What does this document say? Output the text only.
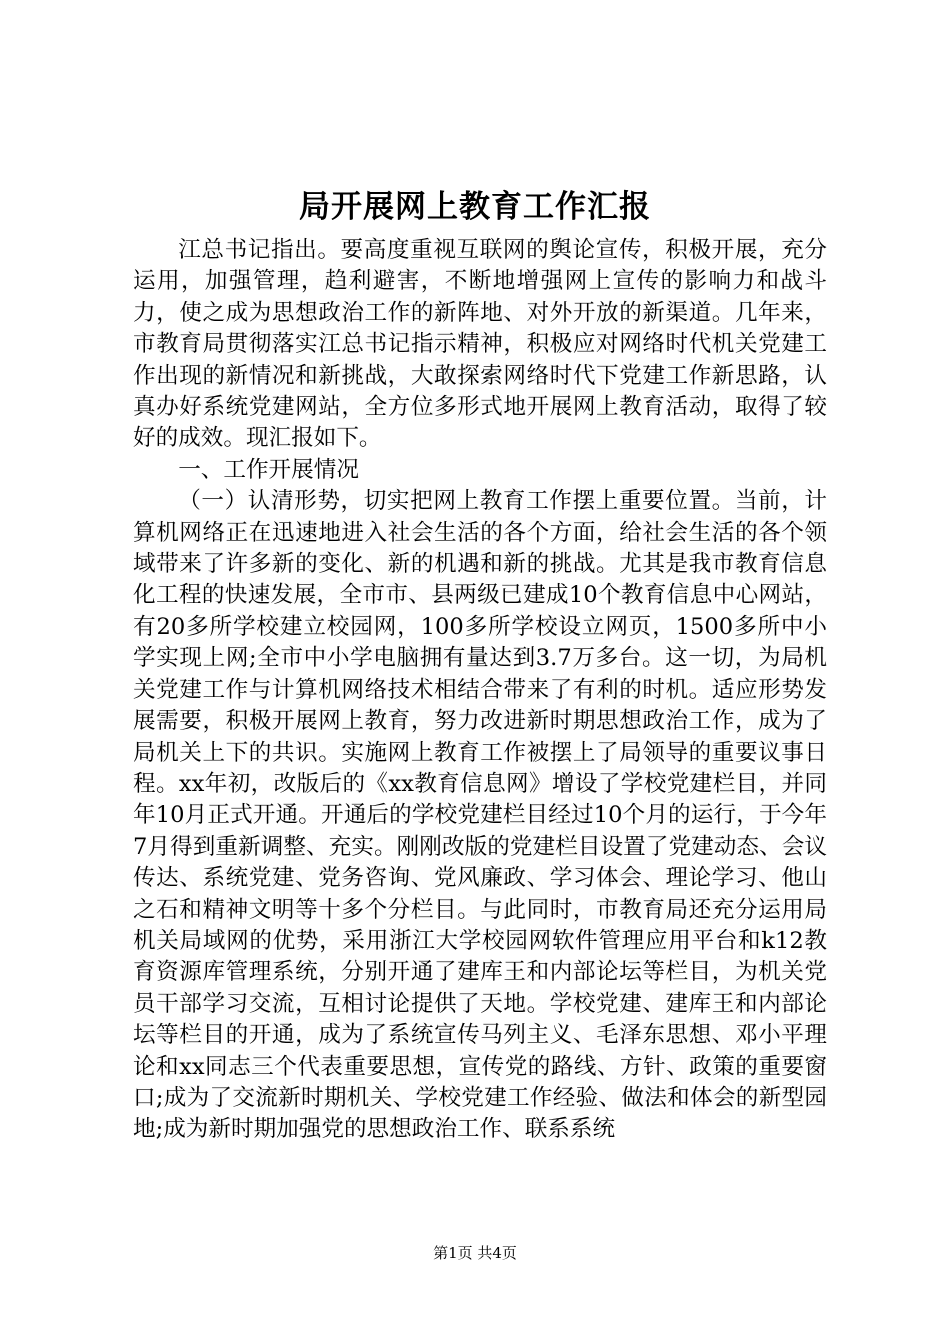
局开展网上教育工作汇报

江总书记指出。要高度重视互联网的舆论宣传，积极开展，充分运用，加强管理，趋利避害，不断地增强网上宣传的影响力和战斗力，使之成为思想政治工作的新阵地、对外开放的新渠道。几年来，市教育局贯彻落实江总书记指示精神，积极应对网络时代机关党建工作出现的新情况和新挑战，大敢探索网络时代下党建工作新思路，认真办好系统党建网站，全方位多形式地开展网上教育活动，取得了较好的成效。现汇报如下。

一、工作开展情况

（一）认清形势，切实把网上教育工作摆上重要位置。当前，计算机网络正在迅速地进入社会生活的各个方面，给社会生活的各个领域带来了许多新的变化、新的机遇和新的挑战。尤其是我市教育信息化工程的快速发展，全市市、县两级已建成10个教育信息中心网站，有20多所学校建立校园网，100多所学校设立网页，1500多所中小学实现上网;全市中小学电脑拥有量达到3.7万多台。这一切，为局机关党建工作与计算机网络技术相结合带来了有利的时机。适应形势发展需要，积极开展网上教育，努力改进新时期思想政治工作，成为了局机关上下的共识。实施网上教育工作被摆上了局领导的重要议事日程。xx年初，改版后的《xx教育信息网》增设了学校党建栏目，并同年10月正式开通。开通后的学校党建栏目经过10个月的运行，于今年7月得到重新调整、充实。刚刚改版的党建栏目设置了党建动态、会议传达、系统党建、党务咨询、党风廉政、学习体会、理论学习、他山之石和精神文明等十多个分栏目。与此同时，市教育局还充分运用局机关局域网的优势，采用浙江大学校园网软件管理应用平台和k12教育资源库管理系统，分别开通了建库王和内部论坛等栏目，为机关党员干部学习交流，互相讨论提供了天地。学校党建、建库王和内部论坛等栏目的开通，成为了系统宣传马列主义、毛泽东思想、邓小平理论和xx同志三个代表重要思想，宣传党的路线、方针、政策的重要窗口;成为了交流新时期机关、学校党建工作经验、做法和体会的新型园地;成为新时期加强党的思想政治工作、联系系统

第1页 共4页
